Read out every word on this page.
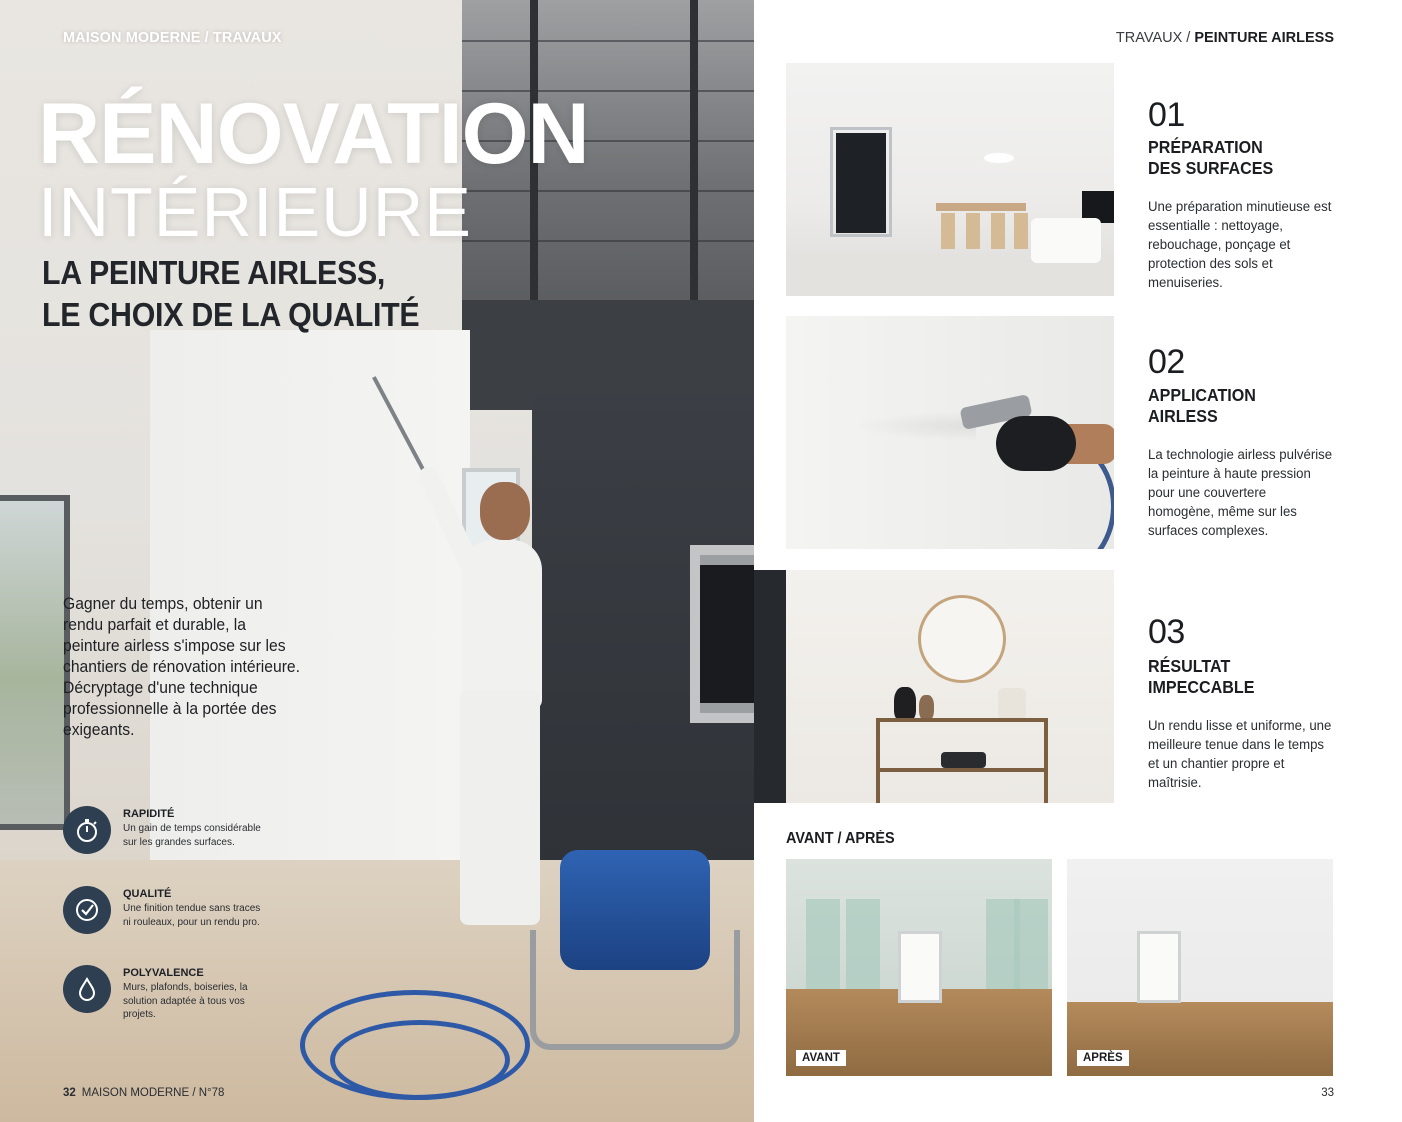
MAISON MODERNE / TRAVAUX
RÉNOVATION
INTÉRIEURE
LA PEINTURE AIRLESS,
LE CHOIX DE LA QUALITÉ

Gagner du temps, obtenir un rendu parfait et durable, la peinture airless s'impose sur les chantiers de rénovation intérieure. Décryptage d'une technique professionnelle à la portée des exigeants.

RAPIDITÉ
Un gain de temps considérable sur les grandes surfaces.
QUALITÉ
Une finition tendue sans traces ni rouleaux, pour un rendu pro.
POLYVALENCE
Murs, plafonds, boiseries, la solution adaptée à tous vos projets.
32 MAISON MODERNE / N°78
TRAVAUX / PEINTURE AIRLESS
01
PRÉPARATION
DES SURFACES

Une préparation minutieuse est essentialle : nettoyage, rebouchage, ponçage et protection des sols et menuiseries.

02
APPLICATION
AIRLESS

La technologie airless pulvérise la peinture à haute pression pour une couvertere homogène, même sur les surfaces complexes.

03
RÉSULTAT
IMPECCABLE

Un rendu lisse et uniforme, une meilleure tenue dans le temps et un chantier propre et maîtrisie.

AVANT / APRÈS
AVANT	APRÈS
33
